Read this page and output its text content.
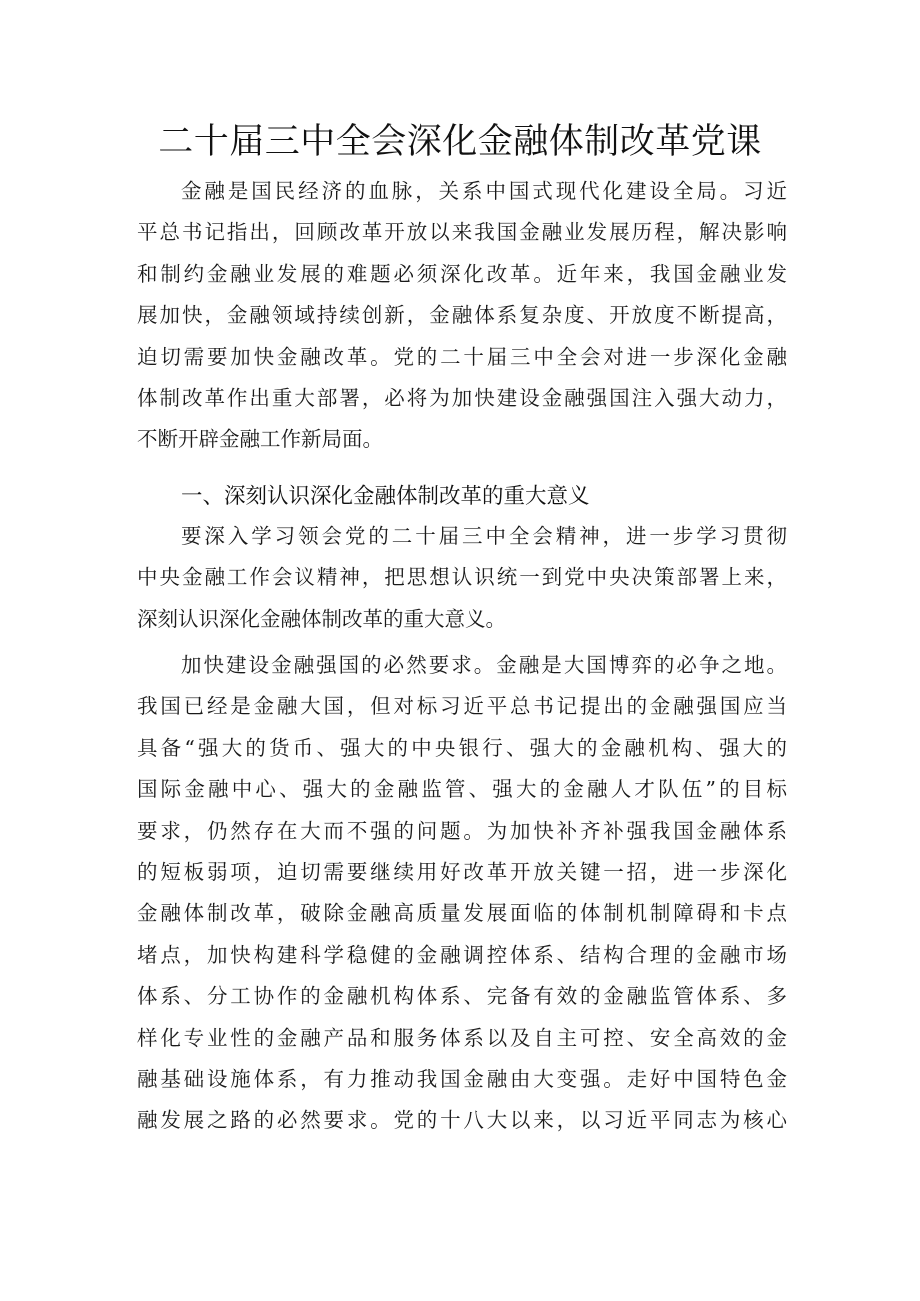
二十届三中全会深化金融体制改革党课
金融是国民经济的血脉，关系中国式现代化建设全局。习近
平总书记指出，回顾改革开放以来我国金融业发展历程，解决影响
和制约金融业发展的难题必须深化改革。近年来，我国金融业发
展加快，金融领域持续创新，金融体系复杂度、开放度不断提高，
迫切需要加快金融改革。党的二十届三中全会对进一步深化金融
体制改革作出重大部署，必将为加快建设金融强国注入强大动力，
不断开辟金融工作新局面。
一、深刻认识深化金融体制改革的重大意义
要深入学习领会党的二十届三中全会精神，进一步学习贯彻
中央金融工作会议精神，把思想认识统一到党中央决策部署上来，
深刻认识深化金融体制改革的重大意义。
加快建设金融强国的必然要求。金融是大国博弈的必争之地。
我国已经是金融大国，但对标习近平总书记提出的金融强国应当
具备“强大的货币、强大的中央银行、强大的金融机构、强大的
国际金融中心、强大的金融监管、强大的金融人才队伍”的目标
要求，仍然存在大而不强的问题。为加快补齐补强我国金融体系
的短板弱项，迫切需要继续用好改革开放关键一招，进一步深化
金融体制改革，破除金融高质量发展面临的体制机制障碍和卡点
堵点，加快构建科学稳健的金融调控体系、结构合理的金融市场
体系、分工协作的金融机构体系、完备有效的金融监管体系、多
样化专业性的金融产品和服务体系以及自主可控、安全高效的金
融基础设施体系，有力推动我国金融由大变强。走好中国特色金
融发展之路的必然要求。党的十八大以来，以习近平同志为核心
